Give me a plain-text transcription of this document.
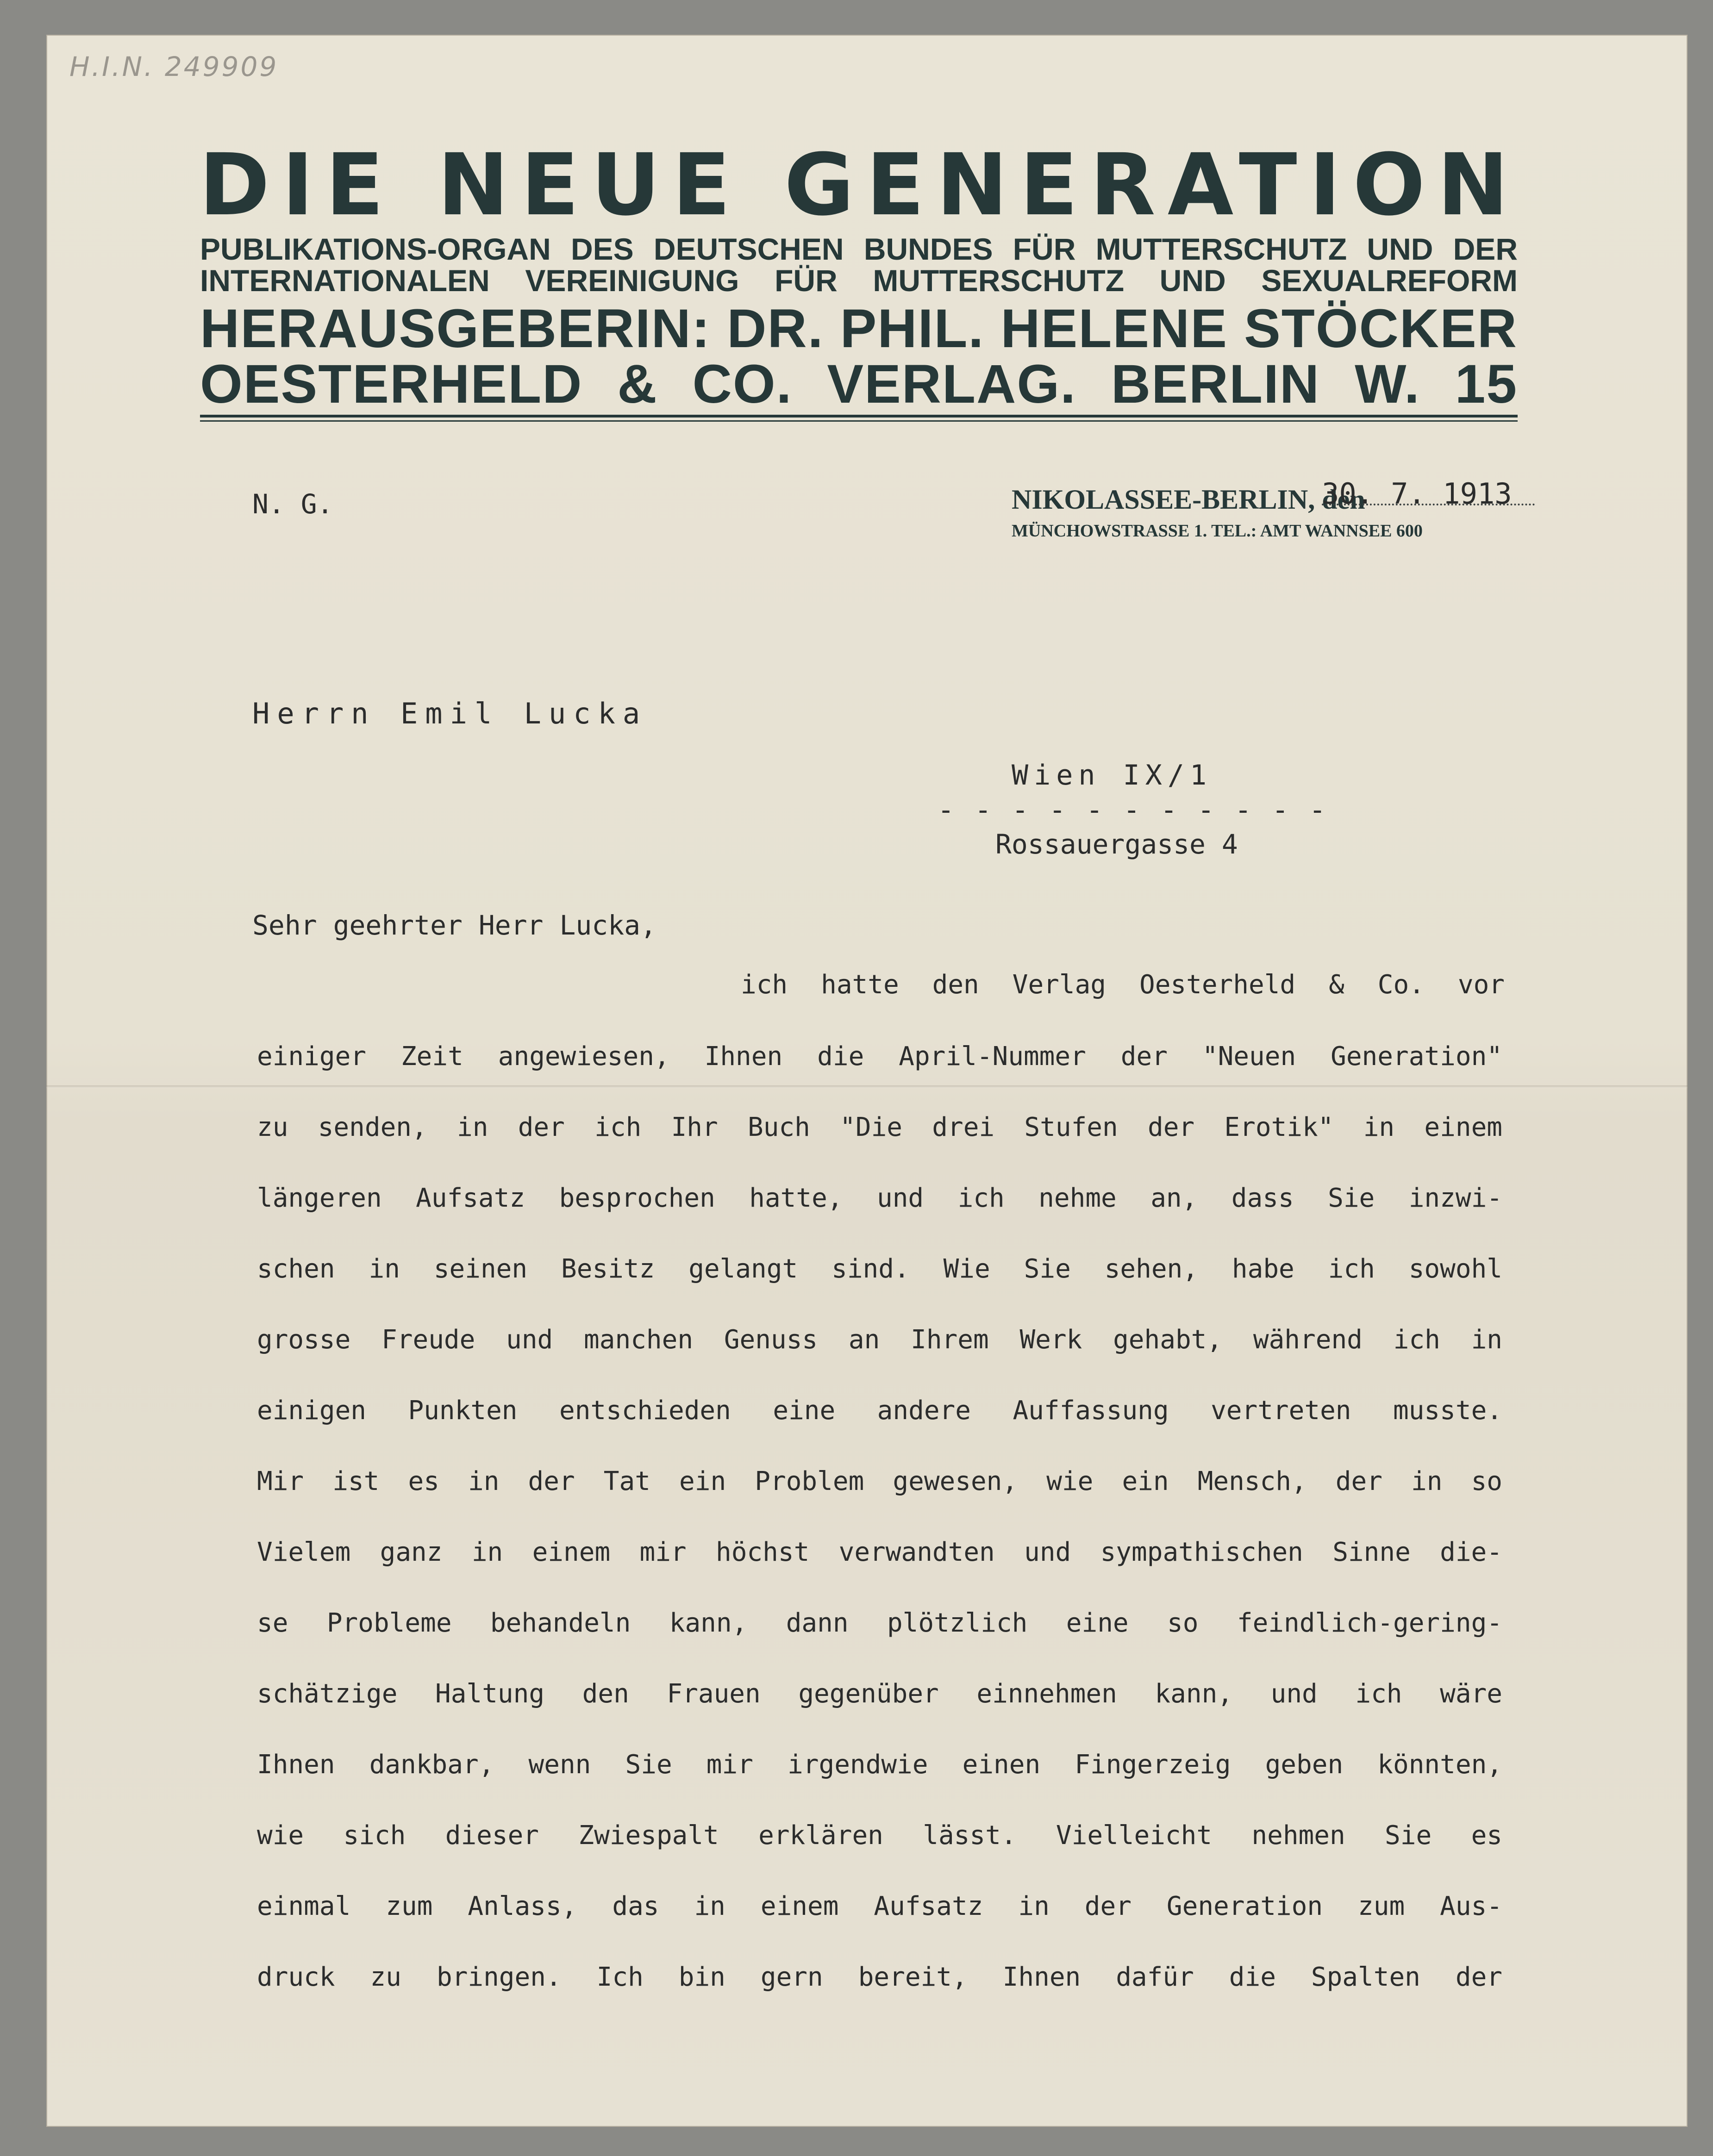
H.I.N. 249909
DIE NEUE GENERATION
PUBLIKATIONS-ORGAN DES DEUTSCHEN BUNDES FÜR MUTTERSCHUTZ UND DER
INTERNATIONALEN VEREINIGUNG FÜR MUTTERSCHUTZ UND SEXUALREFORM
HERAUSGEBERIN: DR. PHIL. HELENE STÖCKER
OESTERHELD & CO. VERLAG. BERLIN W. 15
N. G.	NIKOLASSEE-BERLIN, den
30. 7. 1913
MÜNCHOWSTRASSE 1. TEL.: AMT WANNSEE 600
Herrn Emil Lucka
Wien IX/1
- - - - - - - - - - -
Rossauergasse 4
Sehr geehrter Herr Lucka,
ich hatte den Verlag Oesterheld & Co. vor
einiger Zeit angewiesen, Ihnen die April-Nummer der "Neuen Generation"
zu senden, in der ich Ihr Buch "Die drei Stufen der Erotik" in einem
längeren Aufsatz besprochen hatte, und ich nehme an, dass Sie inzwi-
schen in seinen Besitz gelangt sind. Wie Sie sehen, habe ich sowohl
grosse Freude und manchen Genuss an Ihrem Werk gehabt, während ich in
einigen Punkten entschieden eine andere Auffassung vertreten musste.
Mir ist es in der Tat ein Problem gewesen, wie ein Mensch, der in so
Vielem ganz in einem mir höchst verwandten und sympathischen Sinne die-
se Probleme behandeln kann, dann plötzlich eine so feindlich-gering-
schätzige Haltung den Frauen gegenüber einnehmen kann, und ich wäre
Ihnen dankbar, wenn Sie mir irgendwie einen Fingerzeig geben könnten,
wie sich dieser Zwiespalt erklären lässt. Vielleicht nehmen Sie es
einmal zum Anlass, das in einem Aufsatz in der Generation zum Aus-
druck zu bringen. Ich bin gern bereit, Ihnen dafür die Spalten der
